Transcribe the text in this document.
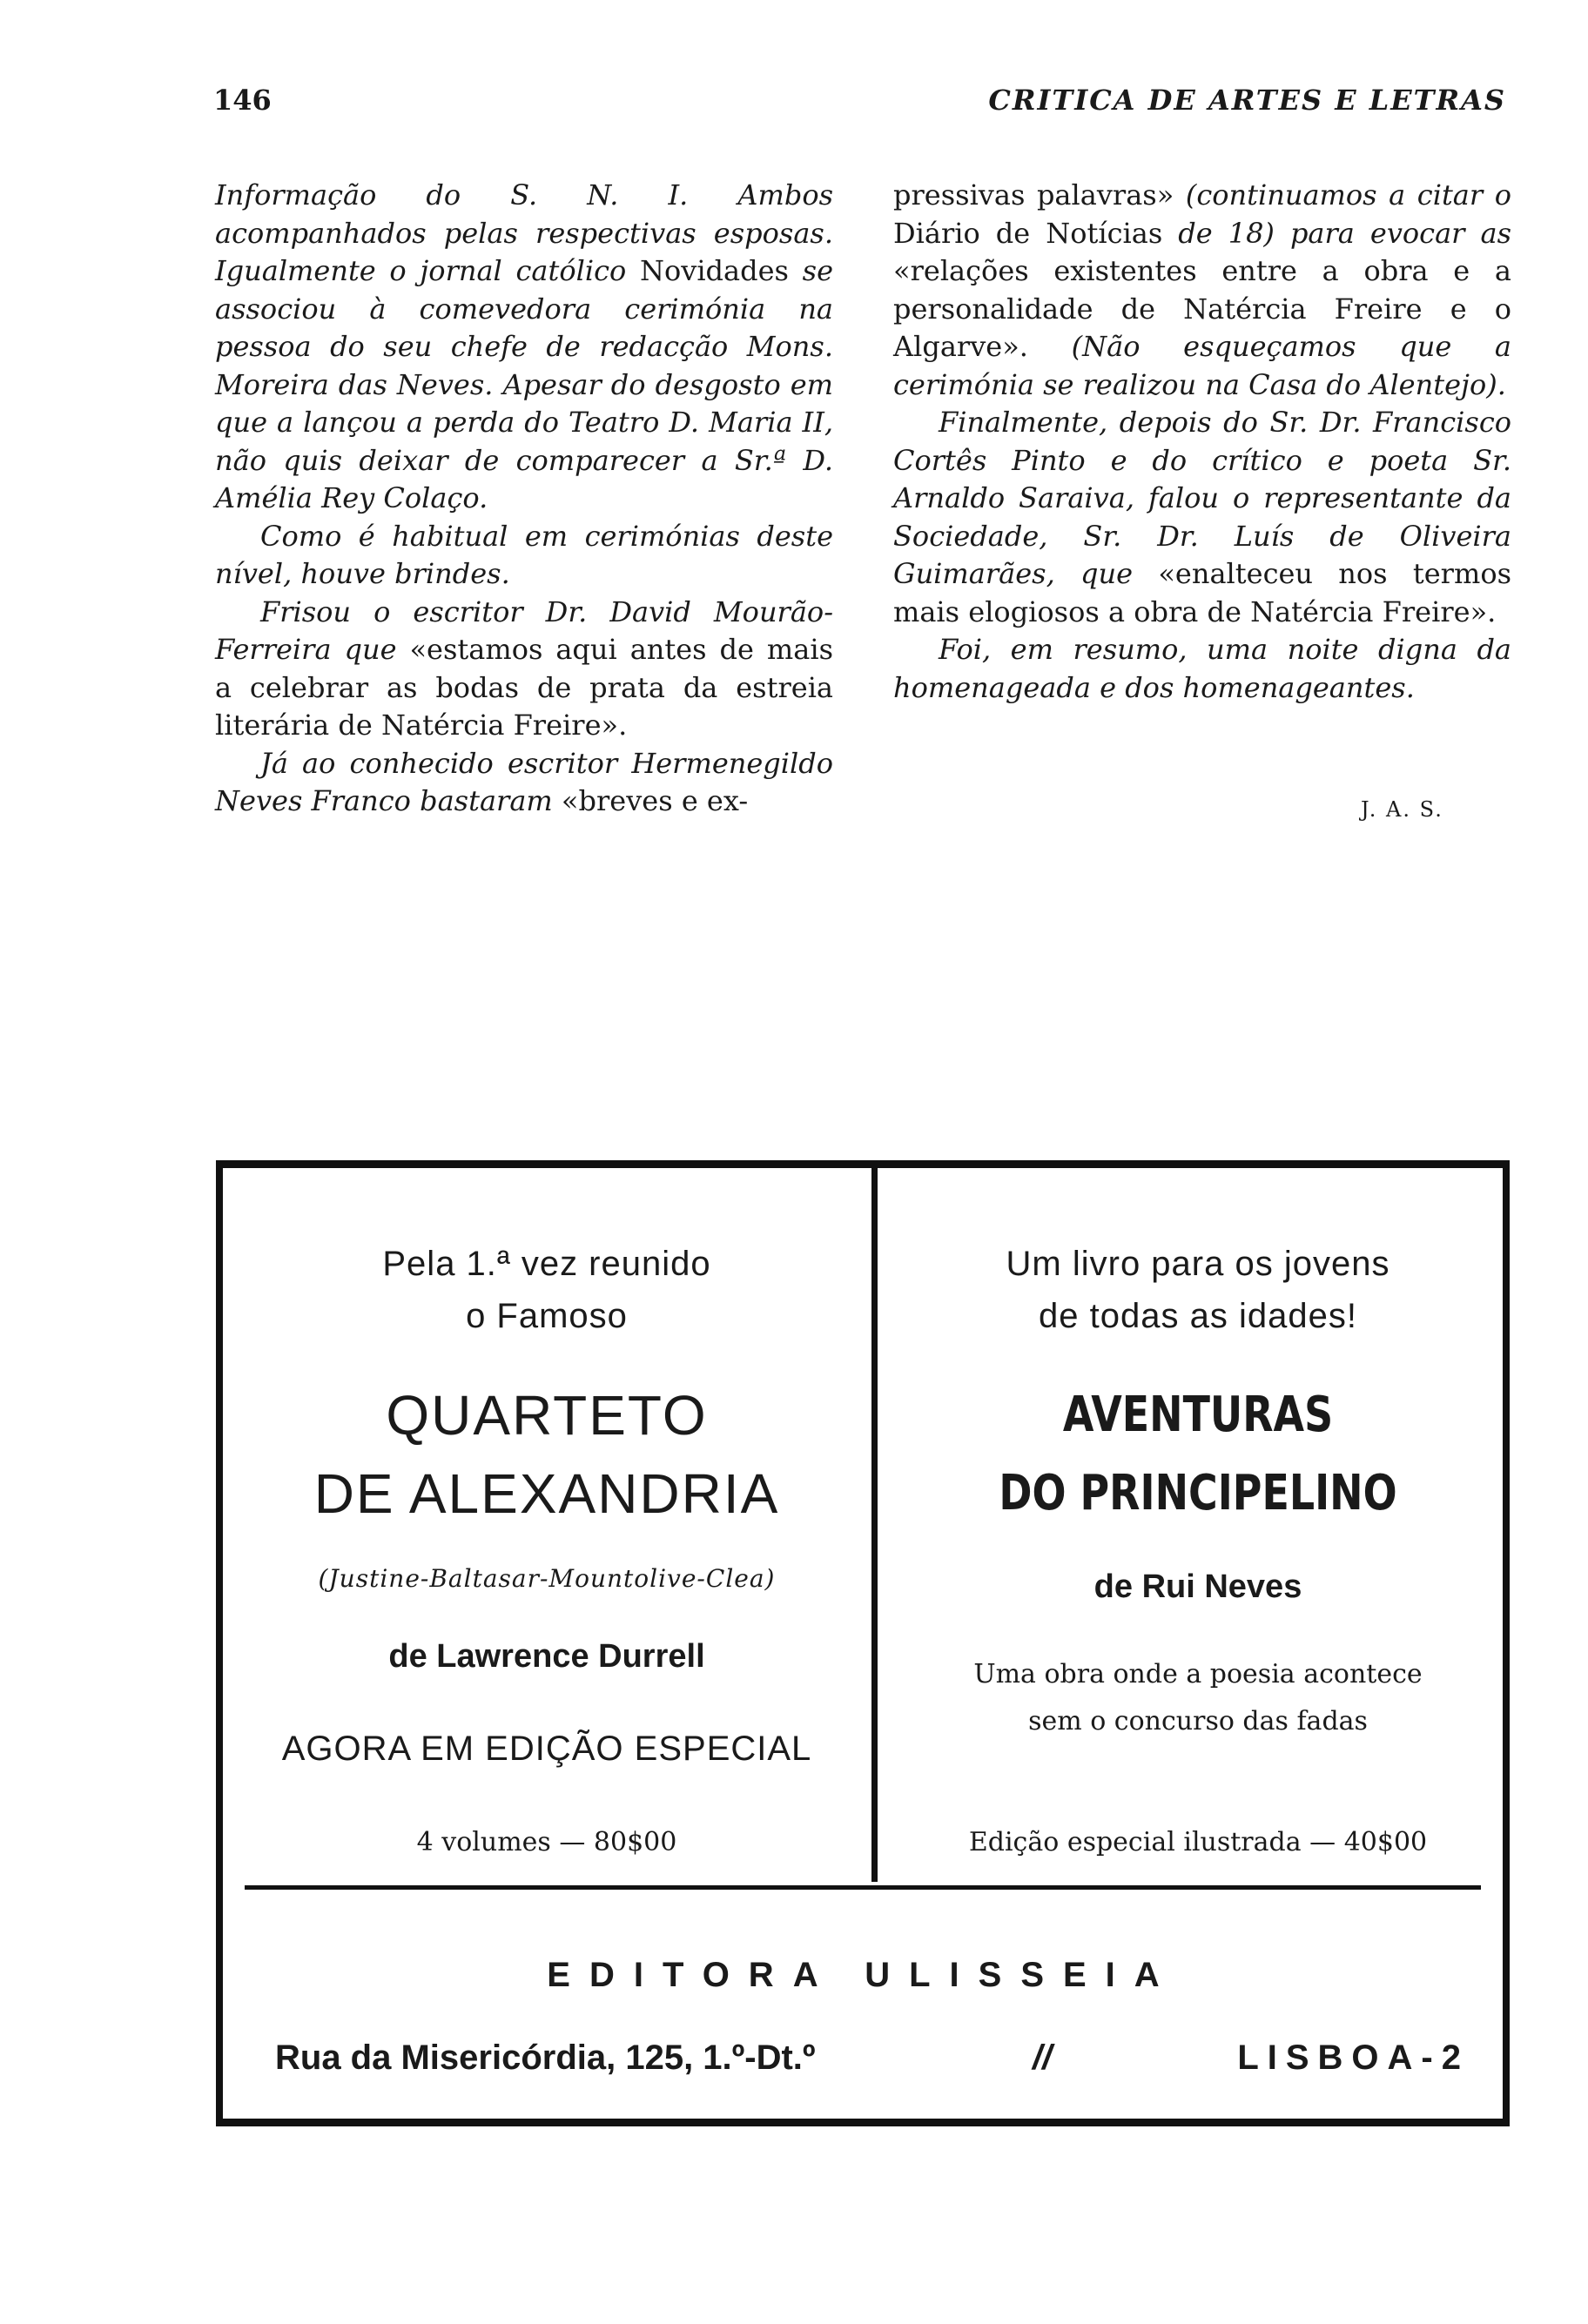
146	CRITICA DE ARTES E LETRAS

Informação do S. N. I. Ambos acompanhados pelas respectivas esposas. Igualmente o jornal católico Novidades se associou à comevedora cerimónia na pessoa do seu chefe de redacção Mons. Moreira das Neves. Apesar do desgosto em que a lançou a perda do Teatro D. Maria II, não quis deixar de comparecer a Sr.ª D. Amélia Rey Colaço.

Como é habitual em cerimónias deste nível, houve brindes.

Frisou o escritor Dr. David Mourão-Ferreira que «estamos aqui antes de mais a celebrar as bodas de prata da estreia literária de Natércia Freire».

Já ao conhecido escritor Hermenegildo Neves Franco bastaram «breves e ex-

pressivas palavras» (continuamos a citar o Diário de Notícias de 18) para evocar as «relações existentes entre a obra e a personalidade de Natércia Freire e o Algarve». (Não esqueçamos que a cerimónia se realizou na Casa do Alentejo).

Finalmente, depois do Sr. Dr. Francisco Cortês Pinto e do crítico e poeta Sr. Arnaldo Saraiva, falou o representante da Sociedade, Sr. Dr. Luís de Oliveira Guimarães, que «enalteceu nos termos mais elogiosos a obra de Natércia Freire».

Foi, em resumo, uma noite digna da homenageada e dos homenageantes.

J. A. S.
Pela 1.ª vez reunido
o Famoso
QUARTETO
DE ALEXANDRIA
(Justine-Baltasar-Mountolive-Clea)
de Lawrence Durrell
AGORA EM EDIÇÃO ESPECIAL
4 volumes — 80$00
Um livro para os jovens
de todas as idades!
AVENTURAS
DO PRINCIPELINO
de Rui Neves
Uma obra onde a poesia acontece
sem o concurso das fadas
Edição especial ilustrada — 40$00
EDITORA ULISSEIA
Rua da Misericórdia, 125, 1.º-Dt.º	//	LISBOA-2
